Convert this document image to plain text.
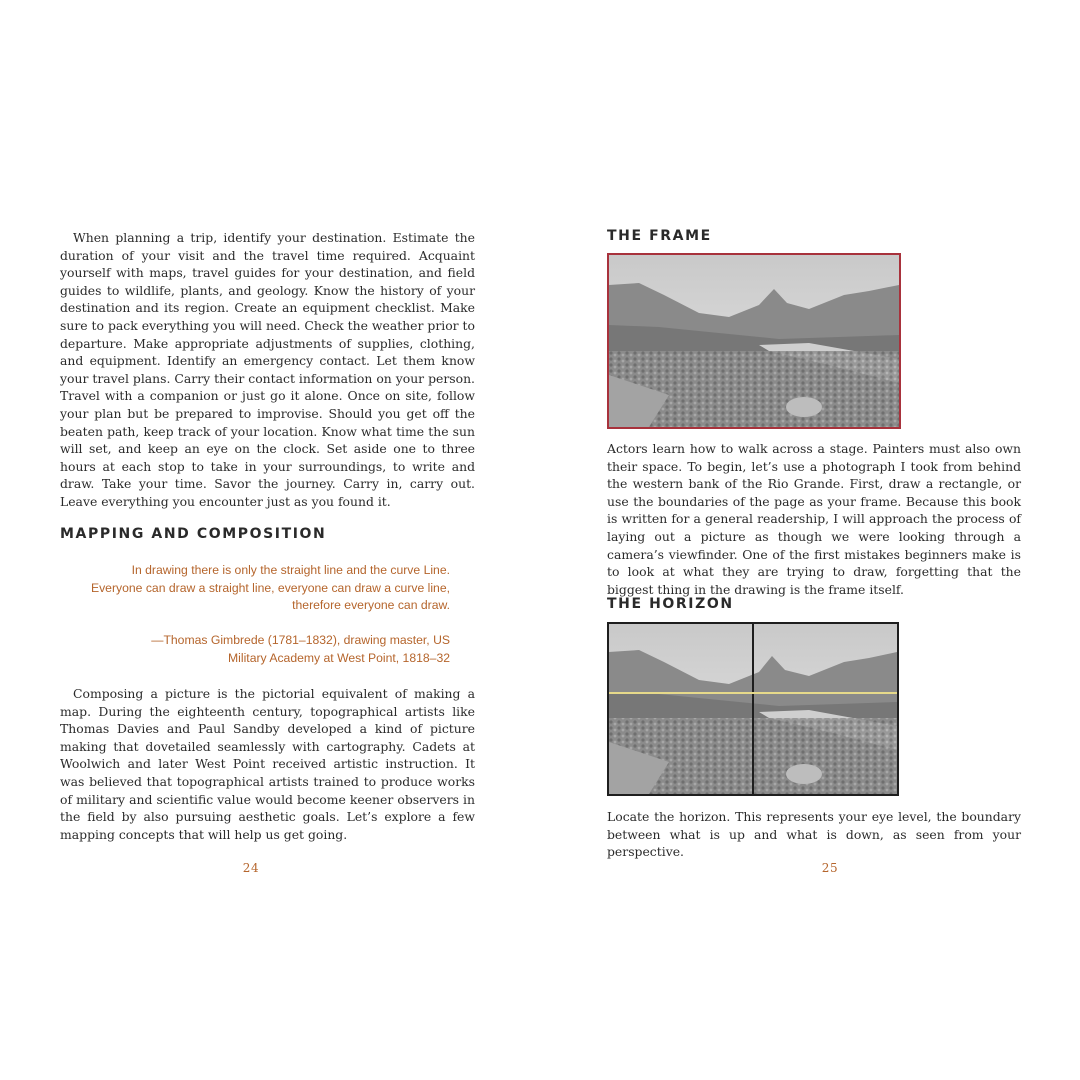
When planning a trip, identify your destination. Estimate the duration of your visit and the travel time required. Acquaint yourself with maps, travel guides for your destination, and field guides to wildlife, plants, and geology. Know the history of your destination and its region. Create an equipment checklist. Make sure to pack everything you will need. Check the weather prior to departure. Make appropriate adjustments of supplies, clothing, and equipment. Identify an emergency contact. Let them know your travel plans. Carry their contact information on your person. Travel with a companion or just go it alone. Once on site, follow your plan but be prepared to improvise. Should you get off the beaten path, keep track of your location. Know what time the sun will set, and keep an eye on the clock. Set aside one to three hours at each stop to take in your surroundings, to write and draw. Take your time. Savor the journey. Carry in, carry out. Leave everything you encounter just as you found it.

MAPPING AND COMPOSITION

In drawing there is only the straight line and the curve Line. Everyone can draw a straight line, everyone can draw a curve line, therefore everyone can draw.

—Thomas Gimbrede (1781–1832), drawing master, US Military Academy at West Point, 1818–32

Composing a picture is the pictorial equivalent of making a map. During the eighteenth century, topographical artists like Thomas Davies and Paul Sandby developed a kind of picture making that dovetailed seamlessly with cartography. Cadets at Woolwich and later West Point received artistic instruction. It was believed that topographical artists trained to produce works of military and scientific value would become keener observers in the field by also pursuing aesthetic goals. Let’s explore a few mapping concepts that will help us get going.

24
THE FRAME

Actors learn how to walk across a stage. Painters must also own their space. To begin, let’s use a photograph I took from behind the western bank of the Rio Grande. First, draw a rectangle, or use the boundaries of the page as your frame. Because this book is written for a general readership, I will approach the process of laying out a picture as though we were looking through a camera’s viewfinder. One of the first mistakes beginners make is to look at what they are trying to draw, forgetting that the biggest thing in the drawing is the frame itself.

THE HORIZON

Locate the horizon. This represents your eye level, the boundary between what is up and what is down, as seen from your perspective.

25
